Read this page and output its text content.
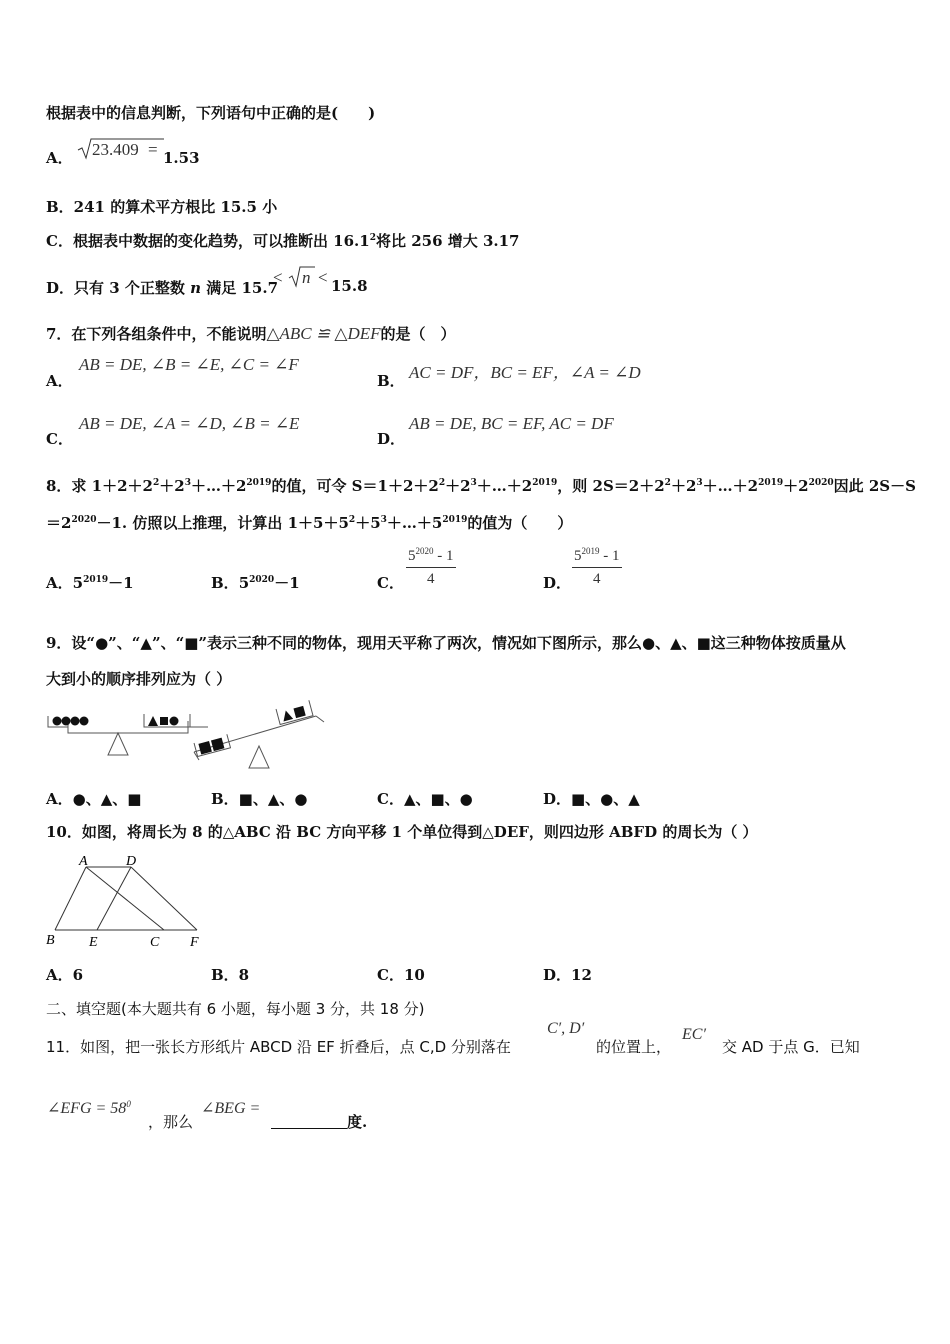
根据表中的信息判断，下列语句中正确的是(　　)
A． 23.409 = 1.53
B．241 的算术平方根比 15.5 小
C．根据表中数据的变化趋势，可以推断出 16.1$^2$将比 256 增大 3.17
D．只有 3 个正整数 n 满足 15.7
< n < 15.8
7．在下列各组条件中，不能说明△ABC ≌ △DEF的是（　）
A．
AB = DE, ∠B = ∠E, ∠C = ∠F
B． AC = DF，BC = EF，∠A = ∠D
C．
AB = DE, ∠A = ∠D, ∠B = ∠E
D．
AB = DE, BC = EF, AC = DF
8．求 $1+2+2^2+2^3+\dots+2^{2019}$的值，可令 $S=1+2+2^2+2^3+\dots+2^{2019}$，则 $2S=2+2^2+2^3+\dots+2^{2019}+2^{2020}$因此 2S－S
$=2^{2020}-1$. 仿照以上推理，计算出 $1+5+5^2+5^3+\dots+5^{2019}$的值为（　　）
A．$5^{2019}-1$	B．$5^{2020}-1$	C． $\frac{5^{2020} - 1}{4}$	D． $\frac{5^{2019} - 1}{4}$
9．设“●”、“▲”、“■”表示三种不同的物体，现用天平称了两次，情况如下图所示，那么●、▲、■这三种物体按质量从
大到小的顺序排列应为（ ）
A．●、▲、■	B．■、▲、●	C．▲、■、●	D．■、●、▲
10．如图，将周长为 8 的△ABC 沿 BC 方向平移 1 个单位得到△DEF，则四边形 ABFD 的周长为（ ）
A	D
B E	C F
A．6	B．8	C．10	D．12
二、填空题(本大题共有 6 小题，每小题 3 分，共 18 分)
11．如图，把一张长方形纸片 ABCD 沿 EF 折叠后，点 C,D 分别落在
C′, D′
的位置上，
EC′
交 AD 于点 G．已知
∠EFG = $58^0$
，那么
∠BEG =
度.
